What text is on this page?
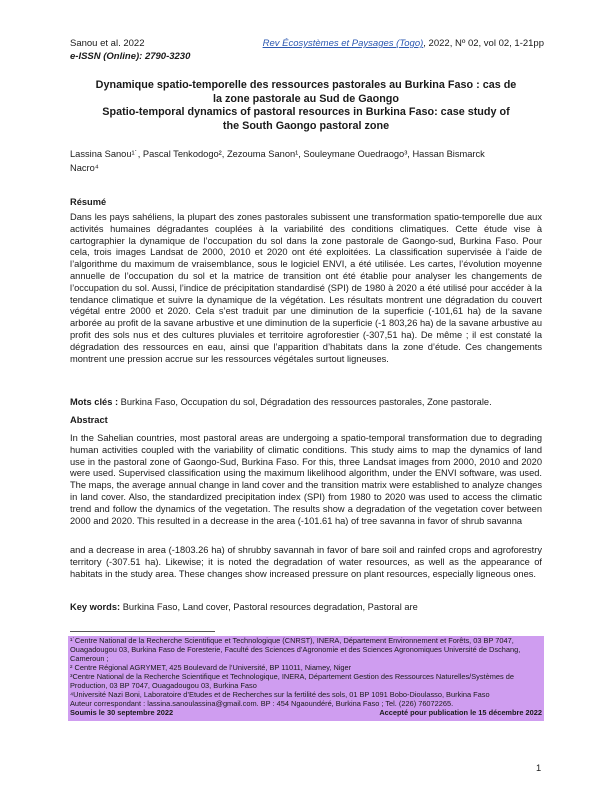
Sanou et al. 2022	Rev Écosystèmes et Paysages (Togo), 2022, Nº 02, vol 02, 1-21pp
e-ISSN (Online): 2790-3230
Dynamique spatio-temporelle des ressources pastorales au Burkina Faso : cas de
la zone pastorale au Sud de Gaongo
Spatio-temporal dynamics of pastoral resources in Burkina Faso: case study of
the South Gaongo pastoral zone
Lassina Sanou¹˙, Pascal Tenkodogo², Zezouma Sanon¹, Souleymane Ouedraogo³, Hassan Bismarck
Nacro⁴
Résumé

Dans les pays sahéliens, la plupart des zones pastorales subissent une transformation spatio-temporelle due aux activités humaines dégradantes couplées à la variabilité des conditions climatiques. Cette étude vise à cartographier la dynamique de l’occupation du sol dans la zone pastorale de Gaongo-sud, Burkina Faso. Pour cela, trois images Landsat de 2000, 2010 et 2020 ont été exploitées. La classification supervisée à l’aide de l’algorithme du maximum de vraisemblance, sous le logiciel ENVI, a été utilisée. Les cartes, l’évolution moyenne annuelle de l’occupation du sol et la matrice de transition ont été établie pour analyser les changements de l’occupation du sol. Aussi, l’indice de précipitation standardisé (SPI) de 1980 à 2020 a été utilisé pour accéder à la tendance climatique et suivre la dynamique de la végétation. Les résultats montrent une dégradation du couvert végétal entre 2000 et 2020. Cela s’est traduit par une diminution de la superficie (-101,61 ha) de la savane arborée au profit de la savane arbustive et une diminution de la superficie (-1 803,26 ha) de la savane arbustive au profit des sols nus et des cultures pluviales et territoire agroforestier (-307,51 ha). De même ; il est constaté la dégradation des ressources en eau, ainsi que l’apparition d’habitats dans la zone d’étude. Ces changements montrent une pression accrue sur les ressources végétales surtout ligneuses.

Mots clés : Burkina Faso, Occupation du sol, Dégradation des ressources pastorales, Zone pastorale.
Abstract

In the Sahelian countries, most pastoral areas are undergoing a spatio-temporal transformation due to degrading human activities coupled with the variability of climatic conditions. This study aims to map the dynamics of land use in the pastoral zone of Gaongo-Sud, Burkina Faso. For this, three Landsat images from 2000, 2010 and 2020 were used. Supervised classification using the maximum likelihood algorithm, under the ENVI software, was used. The maps, the average annual change in land cover and the transition matrix were established to analyze changes in land cover. Also, the standardized precipitation index (SPI) from 1980 to 2020 was used to access the climatic trend and follow the dynamics of the vegetation. The results show a degradation of the vegetation cover between 2000 and 2020. This resulted in a decrease in the area (-101.61 ha) of tree savanna in favor of shrub savanna

and a decrease in area (-1803.26 ha) of shrubby savannah in favor of bare soil and rainfed crops and agroforestry territory (-307.51 ha). Likewise; it is noted the degradation of water resources, as well as the appearance of habitats in the study area. These changes show increased pressure on plant resources, especially ligneous ones.

Key words: Burkina Faso, Land cover, Pastoral resources degradation, Pastoral are
¹˙Centre National de la Recherche Scientifique et Technologique (CNRST), INERA, Département Environnement et Forêts, 03 BP 7047, Ouagadougou 03, Burkina Faso de Foresterie, Faculté des Sciences d’Agronomie et des Sciences Agronomiques Université de Dschang, Cameroun ;
² Centre Régional AGRYMET, 425 Boulevard de l’Université, BP 11011, Niamey, Niger
³Centre National de la Recherche Scientifique et Technologique, INERA, Département Gestion des Ressources Naturelles/Systèmes de Production, 03 BP 7047, Ouagadougou 03, Burkina Faso
⁴Université Nazi Boni, Laboratoire d’Etudes et de Recherches sur la fertilité des sols, 01 BP 1091 Bobo-Dioulasso, Burkina Faso
Auteur correspondant : lassina.sanoulassina@gmail.com. BP : 454 Ngaoundéré, Burkina Faso ; Tel. (226) 76072265.
Soumis le 30 septembre 2022	Accepté pour publication le 15 décembre 2022
1
